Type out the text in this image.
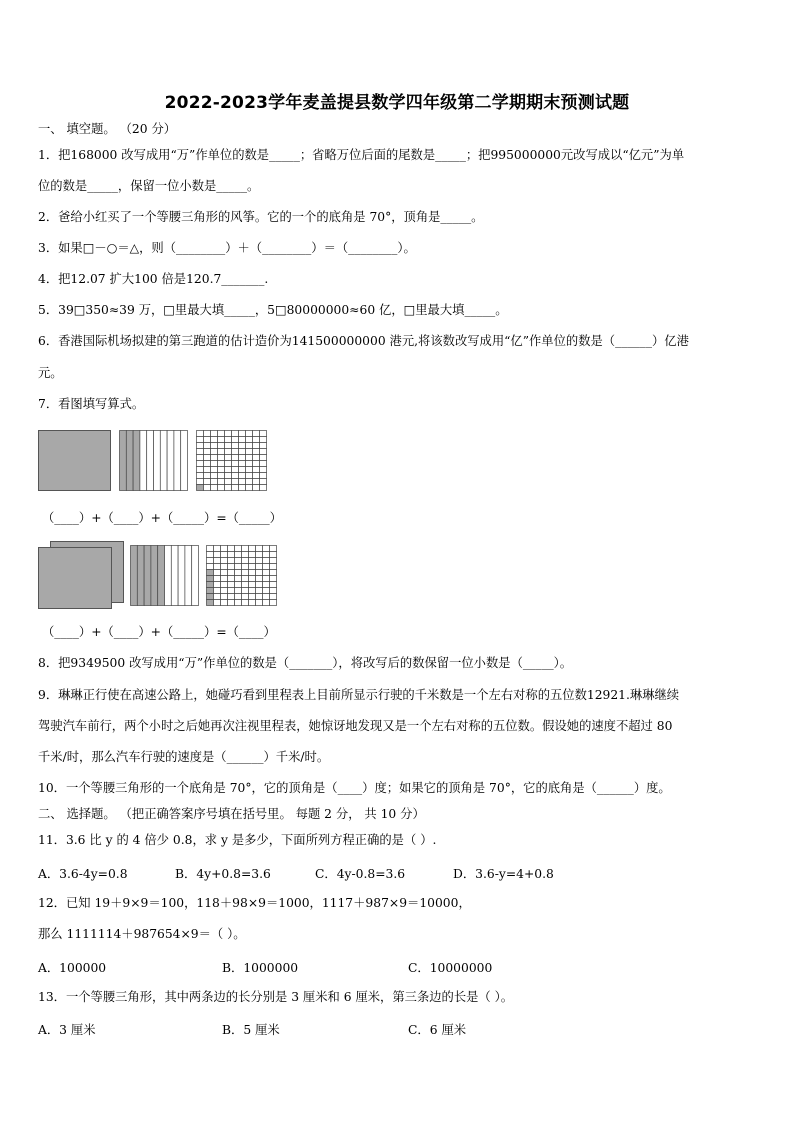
2022-2023学年麦盖提县数学四年级第二学期期末预测试题
一、 填空题。 （20 分）
1．把168000 改写成用“万”作单位的数是_____；省略万位后面的尾数是_____；把995000000元改写成以“亿元”为单
位的数是_____，保留一位小数是_____。
2．爸给小红买了一个等腰三角形的风筝。它的一个的底角是 70°，顶角是_____。
3．如果□－○＝△，则（________）＋（________）＝（________）。
4．把12.07 扩大100 倍是120.7_______.
5．39□350≈39 万，□里最大填_____，5□80000000≈60 亿，□里最大填_____。
6．香港国际机场拟建的第三跑道的估计造价为141500000000 港元,将该数改写成用“亿”作单位的数是（______）亿港
元。
7．看图填写算式。
（____）+（____）+（_____）=（_____）
（____）+（____）+（_____）=（____）
8．把9349500 改写成用“万”作单位的数是（_______），将改写后的数保留一位小数是（_____）。
9．琳琳正行使在高速公路上，她碰巧看到里程表上目前所显示行驶的千米数是一个左右对称的五位数12921.琳琳继续
驾驶汽车前行，两个小时之后她再次注视里程表，她惊讶地发现又是一个左右对称的五位数。假设她的速度不超过 80
千米/时，那么汽车行驶的速度是（______）千米/时。
10．一个等腰三角形的一个底角是 70°，它的顶角是（____）度；如果它的顶角是 70°，它的底角是（______）度。
二、 选择题。 （把正确答案序号填在括号里。 每题 2 分， 共 10 分）
11．3.6 比 y 的 4 倍少 0.8，求 y 是多少，下面所列方程正确的是（ ）.
A．3.6-4y=0.8	B．4y+0.8=3.6	C．4y-0.8=3.6	D．3.6-y=4+0.8
12．已知 19＋9×9＝100，118＋98×9＝1000，1117＋987×9＝10000，
那么 1111114＋987654×9＝（ ）。
A．100000	B．1000000	C．10000000
13．一个等腰三角形，其中两条边的长分别是 3 厘米和 6 厘米，第三条边的长是（ ）。
A．3 厘米	B．5 厘米	C．6 厘米
